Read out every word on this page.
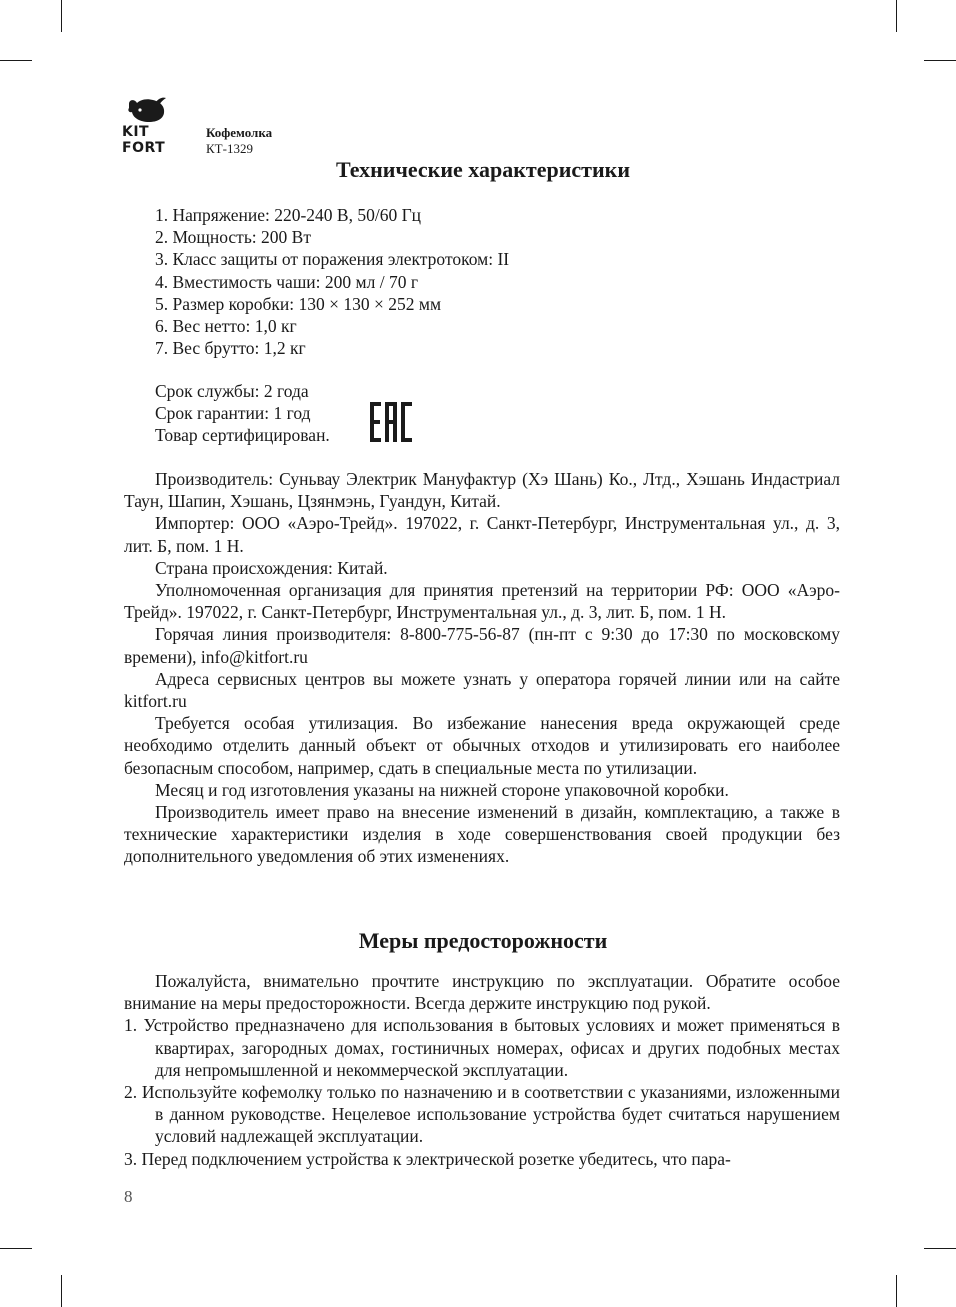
KIT
FORT
Кофемолка
КТ-1329
Технические характеристики
1. Напряжение: 220-240 В, 50/60 Гц
2. Мощность: 200 Вт
3. Класс защиты от поражения электротоком: II
4. Вместимость чаши: 200 мл / 70 г
5. Размер коробки: 130 × 130 × 252 мм
6. Вес нетто: 1,0 кг
7. Вес брутто: 1,2 кг
Срок службы: 2 года
Срок гарантии: 1 год
Товар сертифицирован.

Производитель: Суньвау Электрик Мануфактур (Хэ Шань) Ко., Лтд., Хэшань Индастриал Таун, Шапин, Хэшань, Цзянмэнь, Гуандун, Китай.

Импортер: ООО «Аэро-Трейд». 197022, г. Санкт-Петербург, Инструментальная ул., д. 3, лит. Б, пом. 1 Н.

Страна происхождения: Китай.

Уполномоченная организация для принятия претензий на территории РФ: ООО «Аэро-Трейд». 197022, г. Санкт-Петербург, Инструментальная ул., д. 3, лит. Б, пом. 1 Н.

Горячая линия производителя: 8-800-775-56-87 (пн-пт с 9:30 до 17:30 по московскому времени), info@kitfort.ru

Адреса сервисных центров вы можете узнать у оператора горячей линии или на сайте kitfort.ru

Требуется особая утилизация. Во избежание нанесения вреда окружающей среде необходимо отделить данный объект от обычных отходов и утилизировать его наиболее безопасным способом, например, сдать в специальные места по утилизации.

Месяц и год изготовления указаны на нижней стороне упаковочной коробки.

Производитель имеет право на внесение изменений в дизайн, комплектацию, а также в технические характеристики изделия в ходе совершенствования своей продукции без дополнительного уведомления об этих изменениях.

Меры предосторожности

Пожалуйста, внимательно прочтите инструкцию по эксплуатации. Обратите особое внимание на меры предосторожности. Всегда держите инструкцию под рукой.

1. Устройство предназначено для использования в бытовых условиях и может применяться в квартирах, загородных домах, гостиничных номерах, офисах и других подобных местах для непромышленной и некоммерческой эксплуатации.

2. Используйте кофемолку только по назначению и в соответствии с указаниями, изложенными в данном руководстве. Нецелевое использование устройства будет считаться нарушением условий надлежащей эксплуатации.

3. Перед подключением устройства к электрической розетке убедитесь, что пара-

8
